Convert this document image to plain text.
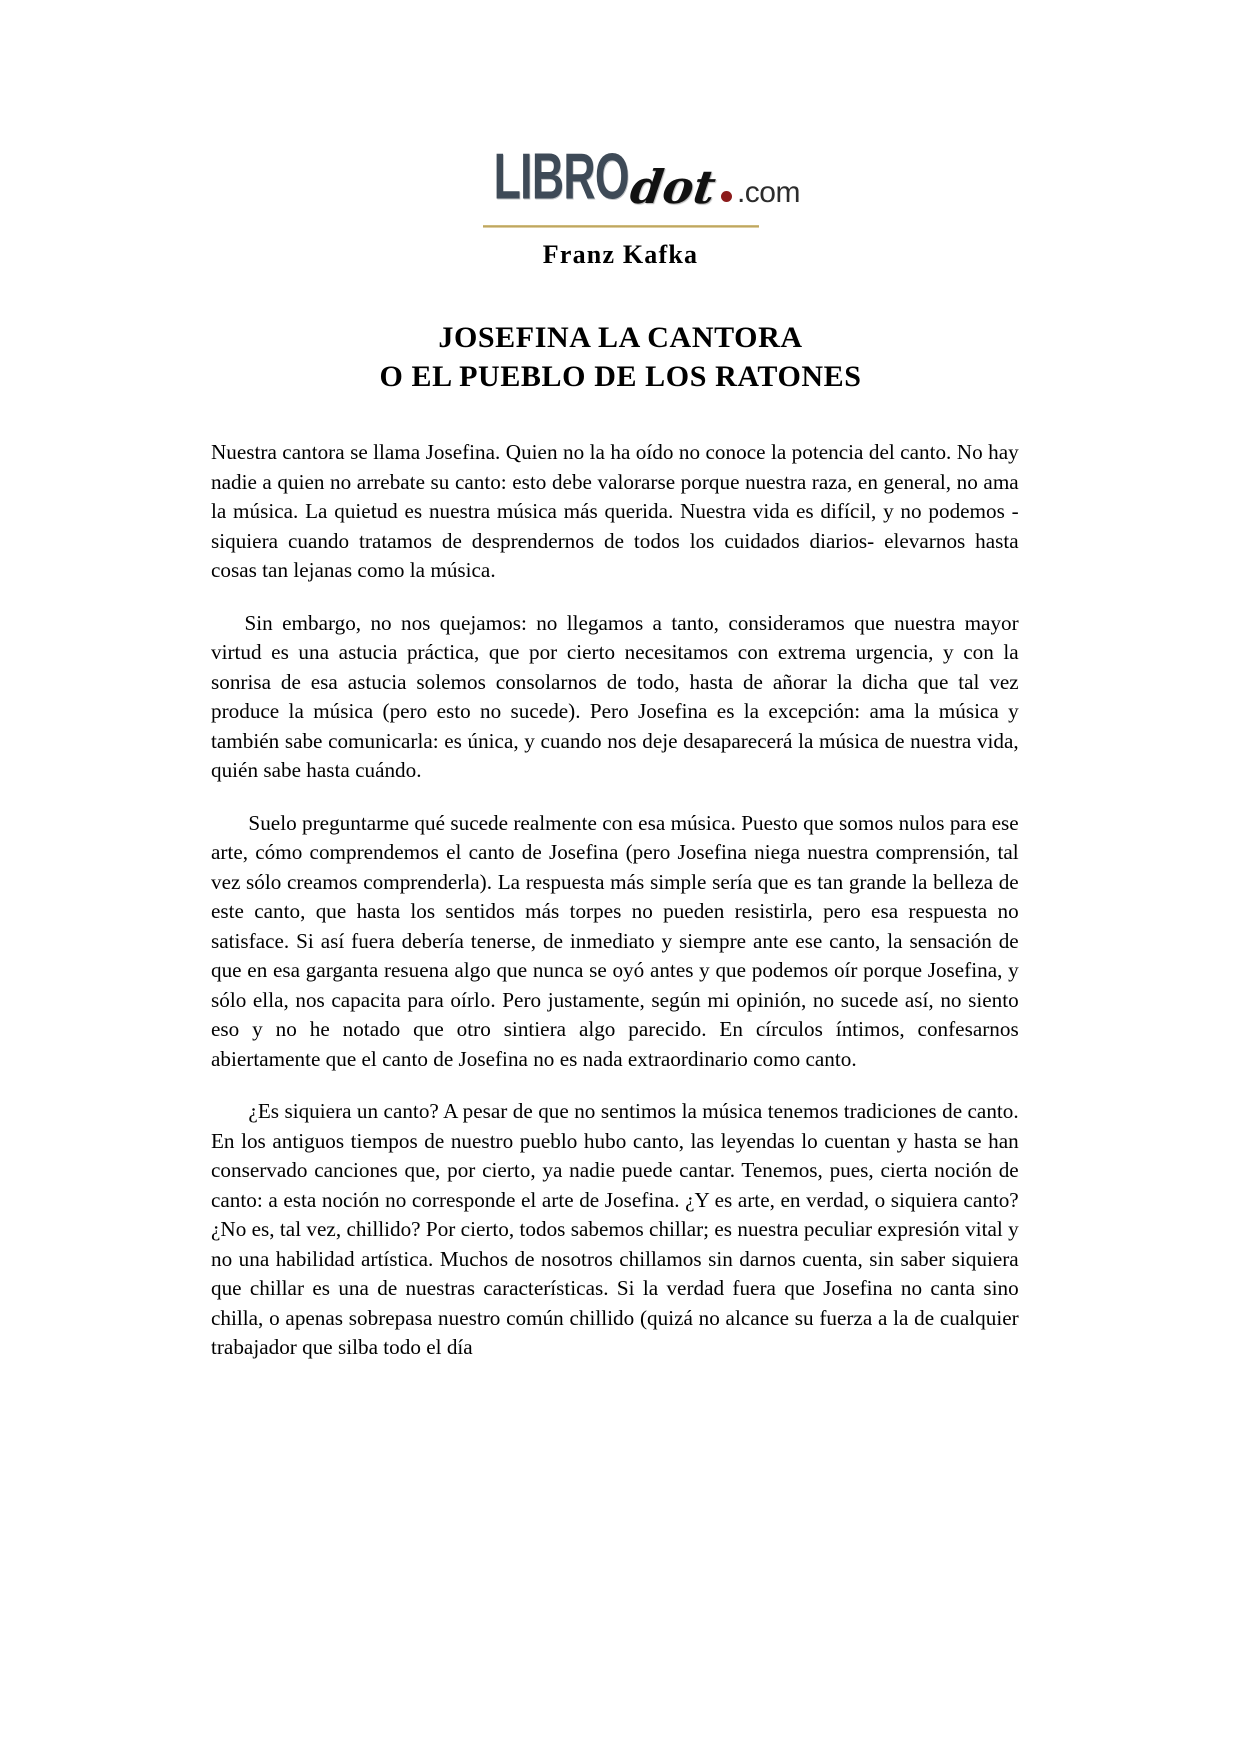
LIBROdot .com
Franz Kafka
JOSEFINA LA CANTORA
O EL PUEBLO DE LOS RATONES

Nuestra cantora se llama Josefina. Quien no la ha oído no conoce la potencia del canto. No hay nadie a quien no arrebate su canto: esto debe valorarse porque nuestra raza, en general, no ama la música. La quietud es nuestra música más querida. Nuestra vida es difícil, y no podemos -siquiera cuando tratamos de desprendernos de todos los cuidados diarios- elevarnos hasta cosas tan lejanas como la música.

Sin embargo, no nos quejamos: no llegamos a tanto, consideramos que nuestra mayor virtud es una astucia práctica, que por cierto necesitamos con extrema urgencia, y con la sonrisa de esa astucia solemos consolarnos de todo, hasta de añorar la dicha que tal vez produce la música (pero esto no sucede). Pero Josefina es la excepción: ama la música y también sabe comunicarla: es única, y cuando nos deje desaparecerá la música de nuestra vida, quién sabe hasta cuándo.

Suelo preguntarme qué sucede realmente con esa música. Puesto que somos nulos para ese arte, cómo comprendemos el canto de Josefina (pero Josefina niega nuestra comprensión, tal vez sólo creamos comprenderla). La respuesta más simple sería que es tan grande la belleza de este canto, que hasta los sentidos más torpes no pueden resistirla, pero esa respuesta no satisface. Si así fuera debería tenerse, de inmediato y siempre ante ese canto, la sensación de que en esa garganta resuena algo que nunca se oyó antes y que podemos oír porque Josefina, y sólo ella, nos capacita para oírlo. Pero justamente, según mi opinión, no sucede así, no siento eso y no he notado que otro sintiera algo parecido. En círculos íntimos, confesarnos abiertamente que el canto de Josefina no es nada extraordinario como canto.

¿Es siquiera un canto? A pesar de que no sentimos la música tenemos tradiciones de canto. En los antiguos tiempos de nuestro pueblo hubo canto, las leyendas lo cuentan y hasta se han conservado canciones que, por cierto, ya nadie puede cantar. Tenemos, pues, cierta noción de canto: a esta noción no corresponde el arte de Josefina. ¿Y es arte, en verdad, o siquiera canto? ¿No es, tal vez, chillido? Por cierto, todos sabemos chillar; es nuestra peculiar expresión vital y no una habilidad artística. Muchos de nosotros chillamos sin darnos cuenta, sin saber siquiera que chillar es una de nuestras características. Si la verdad fuera que Josefina no canta sino chilla, o apenas sobrepasa nuestro común chillido (quizá no alcance su fuerza a la de cualquier trabajador que silba todo el día
